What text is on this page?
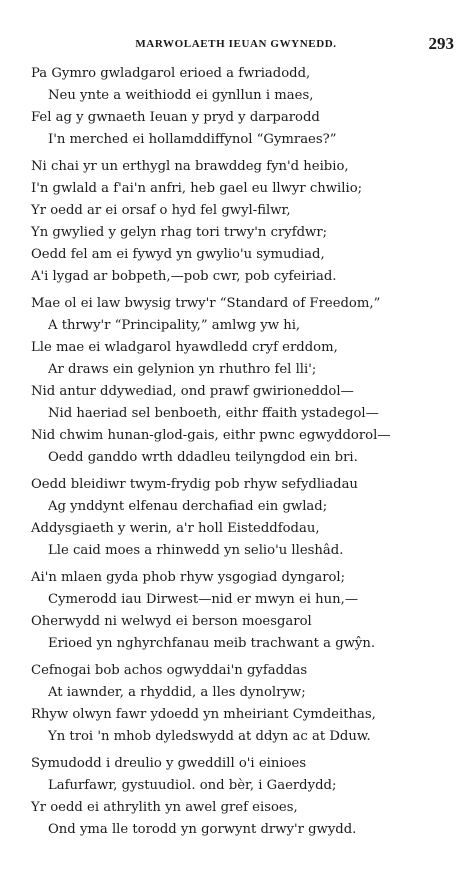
MARWOLAETH IEUAN GWYNEDD.	293
Pa Gymro gwladgarol erioed a fwriadodd,
Neu ynte a weithiodd ei gynllun i maes,
Fel ag y gwnaeth Ieuan y pryd y darparodd
I'n merched ei hollamddiffynol “Gymraes?”
Ni chai yr un erthygl na brawddeg fyn'd heibio,
I'n gwlald a f'ai'n anfri, heb gael eu llwyr chwilio;
Yr oedd ar ei orsaf o hyd fel gwyl-filwr,
Yn gwylied y gelyn rhag tori trwy'n cryfdwr;
Oedd fel am ei fywyd yn gwylio'u symudiad,
A'i lygad ar bobpeth,—pob cwr, pob cyfeiriad.
Mae ol ei law bwysig trwy'r “Standard of Freedom,”
A thrwy'r “Principality,” amlwg yw hi,
Lle mae ei wladgarol hyawdledd cryf erddom,
Ar draws ein gelynion yn rhuthro fel lli';
Nid antur ddywediad, ond prawf gwirioneddol—
Nid haeriad sel benboeth, eithr ffaith ystadegol—
Nid chwim hunan-glod-gais, eithr pwnc egwyddorol—
Oedd ganddo wrth ddadleu teilyngdod ein bri.
Oedd bleidiwr twym-frydig pob rhyw sefydliadau
Ag ynddynt elfenau derchafiad ein gwlad;
Addysgiaeth y werin, a'r holl Eisteddfodau,
Lle caid moes a rhinwedd yn selio'u lleshâd.
Ai'n mlaen gyda phob rhyw ysgogiad dyngarol;
Cymerodd iau Dirwest—nid er mwyn ei hun,—
Oherwydd ni welwyd ei berson moesgarol
Erioed yn nghyrchfanau meib trachwant a gwŷn.
Cefnogai bob achos ogwyddai'n gyfaddas
At iawnder, a rhyddid, a lles dynolryw;
Rhyw olwyn fawr ydoedd yn mheiriant Cymdeithas,
Yn troi 'n mhob dyledswydd at ddyn ac at Dduw.
Symudodd i dreulio y gweddill o'i einioes
Lafurfawr, gystuudiol. ond bèr, i Gaerdydd;
Yr oedd ei athrylith yn awel gref eisoes,
Ond yma lle torodd yn gorwynt drwy'r gwydd.
